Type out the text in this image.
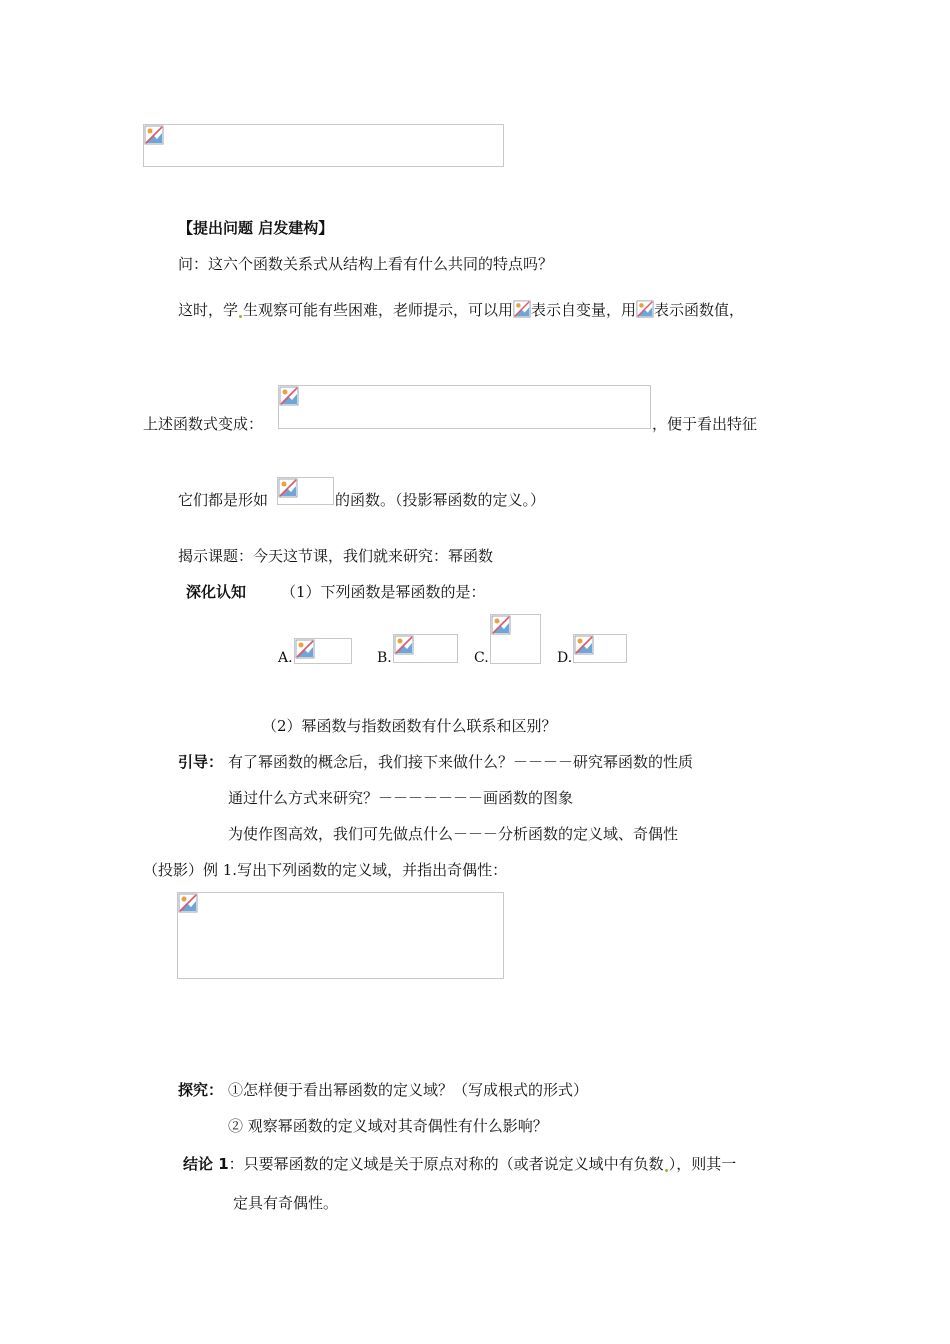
【提出问题 启发建构】
问：这六个函数关系式从结构上看有什么共同的特点吗？
这时，学 生观察可能有些困难，老师提示，可以用 表示自变量，用 表示函数值，
上述函数式变成：	，便于看出特征
它们都是形如	的函数。（投影幂函数的定义。）
揭示课题：今天这节课，我们就来研究：幂函数
深化认知 （1）下列函数是幂函数的是：
A.	B.	C.	D.
（2）幂函数与指数函数有什么联系和区别？
引导： 有了幂函数的概念后，我们接下来做什么？－－－－研究幂函数的性质
通过什么方式来研究？－－－－－－－画函数的图象
为使作图高效，我们可先做点什么－－－分析函数的定义域、奇偶性
（投影）例 1.写出下列函数的定义域，并指出奇偶性：
探究： ①怎样便于看出幂函数的定义域？（写成根式的形式）
② 观察幂函数的定义域对其奇偶性有什么影响？
结论 1：只要幂函数的定义域是关于原点对称的（或者说定义域中有负数 ），则其一
定具有奇偶性。
